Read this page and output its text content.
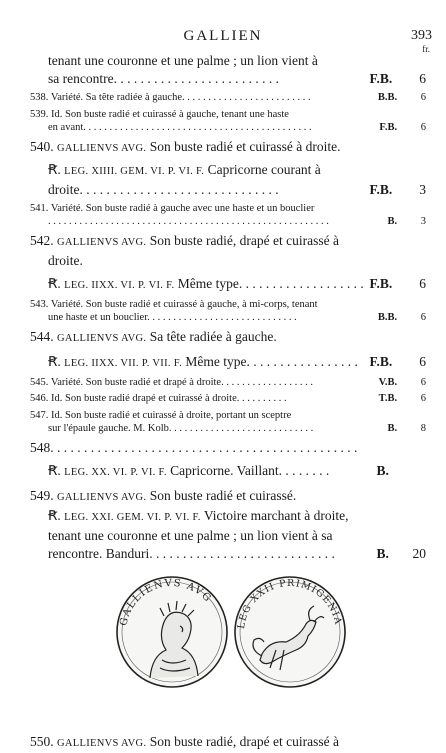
GALLIEN	393
fr.
tenant une couronne et une palme ; un lion vient à
sa rencontre. . . . . . . . . . . . . . . . . . . . . . . . .	F.B. 6
538. Variété. Sa tête radiée à gauche. . . . . . . . . . . . . . . . . . . . . . . . .	B.B. 6
539. Id. Son buste radié et cuirassé à gauche, tenant une haste
en avant. . . . . . . . . . . . . . . . . . . . . . . . . . . . . . . . . . . . . . . . . . . .	F.B. 6
540. GALLIENVS AVG. Son buste radié et cuirassé à droite.
Ꞧ. LEG. XIIII. GEM. VI. P. VI. F. Capricorne courant à
droite. . . . . . . . . . . . . . . . . . . . . . . . . . . . . .	F.B. 3
541. Variété. Son buste radié à gauche avec une haste et un bouclier
. . . . . . . . . . . . . . . . . . . . . . . . . . . . . . . . . . . . . . . . . . . . . . . . . . . . . .	B. 3
542. GALLIENVS AVG. Son buste radié, drapé et cuirassé à
droite.
Ꞧ. LEG. IIXX. VI. P. VI. F. Même type. . . . . . . . . . . . . . . . . . . F.B. 6
543. Variété. Son buste radié et cuirassé à gauche, à mi-corps, tenant
une haste et un bouclier. . . . . . . . . . . . . . . . . . . . . . . . . . . . .	B.B. 6
544. GALLIENVS AVG. Sa tête radiée à gauche.
Ꞧ. LEG. IIXX. VII. P. VII. F. Même type. . . . . . . . . . . . . . . . . F.B. 6
545. Variété. Son buste radié et drapé à droite. . . . . . . . . . . . . . . . . .	V.B. 6
546. Id. Son buste radié drapé et cuirassé à droite. . . . . . . . . .	T.B. 6
547. Id. Son buste radié et cuirassé à droite, portant un sceptre
sur l'épaule gauche. M. Kolb. . . . . . . . . . . . . . . . . . . . . . . . . . . .	B. 8
548. . . . . . . . . . . . . . . . . . . . . . . . . . . . . . . . . . . . . . . . . . . . . .
Ꞧ. LEG. XX. VI. P. VI. F. Capricorne. Vaillant. . . . . . . .	B.
549. GALLIENVS AVG. Son buste radié et cuirassé.
Ꞧ. LEG. XXI. GEM. VI. P. VI. F. Victoire marchant à droite,
tenant une couronne et une palme ; un lion vient à sa
rencontre. Banduri. . . . . . . . . . . . . . . . . . . . . . . . . . . .	B. 20
GALLIENVS AVG
LEG XXII PRIMIGENIA
550. GALLIENVS AVG. Son buste radié, drapé et cuirassé à
